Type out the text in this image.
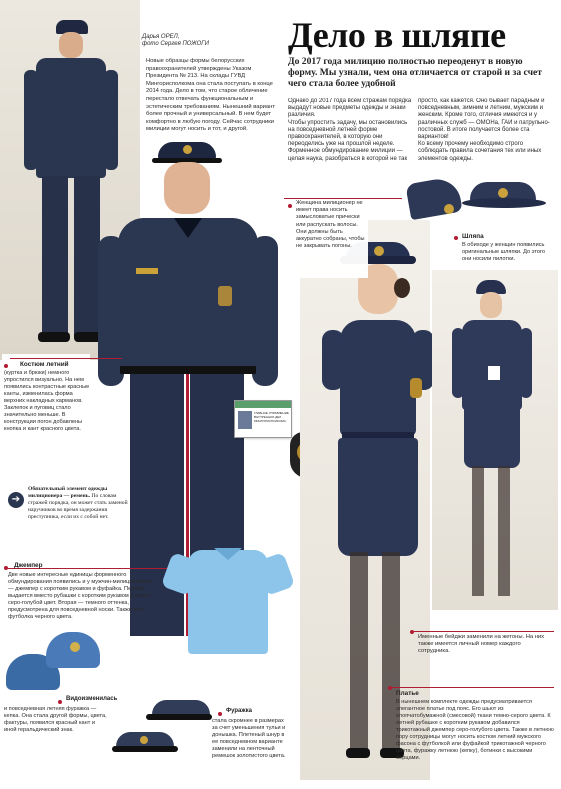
Дарья ОРЕЛ,
фото Сергея ПОЖОГИ
Новые образцы формы белорусских правоохранителей утверждены Указом Президента № 213. На склады ГУВД Мингорисполкома она стала поступать в конце 2014 года. Дело в том, что старое обличение перестало отвечать функциональным и эстетическим требованиям. Нынешний вариант более прочный и универсальный. В нем будет комфортно в любую погоду. Сейчас сотрудники милиции могут носить и тот, и другой.
Дело в шляпе
До 2017 года милицию полностью переоденут в новую форму. Мы узнали, чем она отличается от старой и за счет чего стала более удобной
Однако до 2017 года всем стражам порядка выдадут новые предметы одежды и знаки различия.
Чтобы упростить задачу, мы остановились на повседневной летней форме правоохранителей, в которую они переоделись уже на прошлой неделе.
Форменное обмундирование милиции — целая наука, разобраться в которой не так
просто, как кажется. Оно бывает парадным и повседневным, зимним и летним, мужским и женским. Кроме того, отличия имеются и у различных служб — ОМОНа, ГАИ и патрульно-постовой. В итоге получается более ста вариантов!
Ко всему прочему необходимо строго соблюдать правила сочетания тех или иных элементов одежды.
Костюм летний
(куртка и брюки) немного упростился визуально. На нем появились контрастные красные канты, изменилась форма верхних накладных карманов. Заклепок и пуговиц стало значительно меньше. В конструкции погон добавлены кнопка и кант красного цвета.
➔
Обязательный элемент одежды милиционера — ремень. По словам стражей порядка, он может стать заменой наручников во время задержания преступника, если их с собой нет.
Джемпер
Две новые интересные единицы форменного обмундирования появились и у мужчин-милиционеров — джемпер с коротким рукавом и фуфайка. Первый выдается вместо рубашки с коротким рукавом и имеет серо-голубой цвет. Вторая — темного оттенка, предусмотрена для повседневной носки. Также есть футболка черного цвета.
Видоизменилась
и повседневная летняя фуражка — кепка. Она стала другой формы, цвета, фактуры, появился красный кант и иной геральдический знак.
Фуражка
стала скромнее в размерах за счет уменьшения тульи и донышка. Плетеный шнур в ее повседневном варианте заменили на ленточный ремешок золотистого цвета.
ГЛАВНОЕ УПРАВЛЕНИЕ
ВНУТРЕННИХ ДЕЛ
МИНГОРИСПОЛКОМА
Женщина милиционер не имеет права носить замысловатые прически или распускать волосы. Они должны быть аккуратно собраны, чтобы не закрывать погоны.
Шляпа
В обиходе у женщин появились оригинальные шляпки. До этого они носили пилотки.
Именные бейджи заменили на жетоны. На них также имеется личный номер каждого сотрудника.
Платье
В нынешнем комплекте одежды предусматривается элегантное платье под пояс. Его шьют из хлопчатобумажной (смесовой) ткани темно-серого цвета. К летней рубашке с коротким рукавом добавился трикотажный джемпер серо-голубого цвета. Также в летнюю пору сотрудницы могут носить костюм летний мужского фасона с футболкой или фуфайкой трикотажной черного цвета, фуражку летнюю (кепку), ботинки с высокими берцами.
